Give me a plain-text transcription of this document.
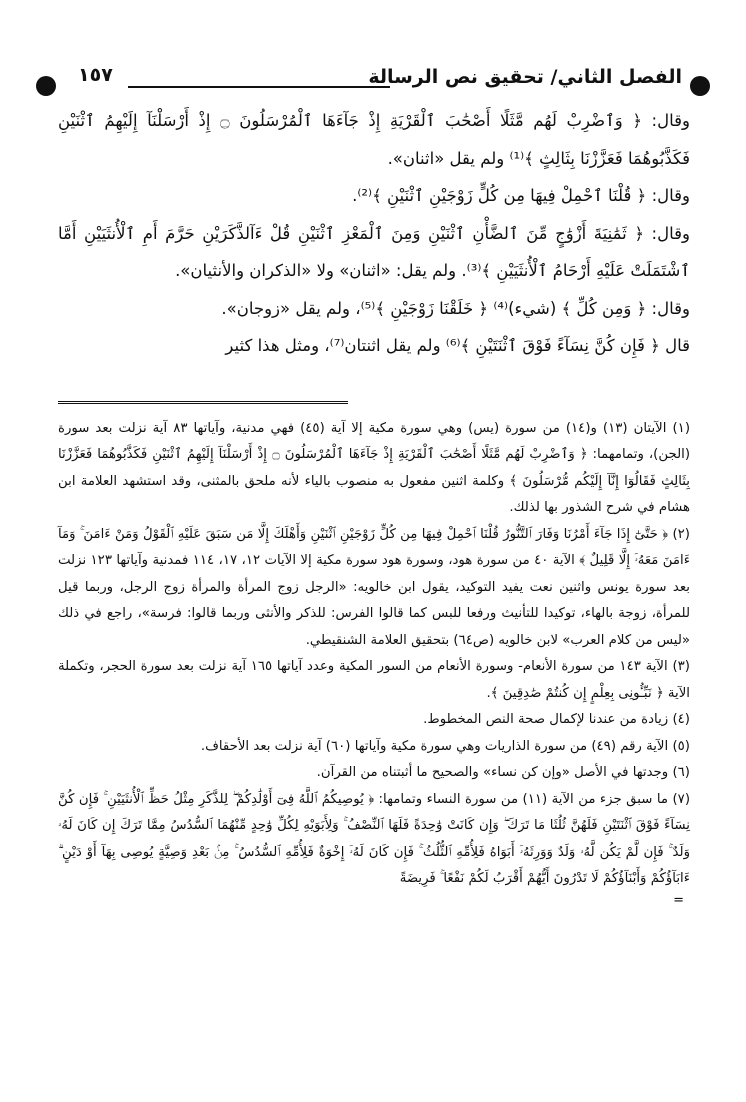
الفصل الثاني/ تحقيق نص الرسالة
١٥٧

وقال: ﴿ وَٱضْرِبْ لَهُم مَّثَلًا أَصْحَٰبَ ٱلْقَرْيَةِ إِذْ جَآءَهَا ٱلْمُرْسَلُونَ ۝ إِذْ أَرْسَلْنَآ إِلَيْهِمُ ٱثْنَيْنِ فَكَذَّبُوهُمَا فَعَزَّزْنَا بِثَالِثٍ ﴾⁽¹⁾ ولم يقل «اثنان».

وقال: ﴿ قُلْنَا ٱحْمِلْ فِيهَا مِن كُلٍّ زَوْجَيْنِ ٱثْنَيْنِ ﴾⁽²⁾.

وقال: ﴿ ثَمَٰنِيَةَ أَزْوَٰجٍ مِّنَ ٱلضَّأْنِ ٱثْنَيْنِ وَمِنَ ٱلْمَعْزِ ٱثْنَيْنِ قُلْ ءَآلذَّكَرَيْنِ حَرَّمَ أَمِ ٱلْأُنثَيَيْنِ أَمَّا ٱشْتَمَلَتْ عَلَيْهِ أَرْحَامُ ٱلْأُنثَيَيْنِ ﴾⁽³⁾. ولم يقل: «اثنان» ولا «الذكران والأنثيان».

وقال: ﴿ وَمِن كُلِّ ﴾ (شيء)⁽⁴⁾ ﴿ خَلَقْنَا زَوْجَيْنِ ﴾⁽⁵⁾، ولم يقل «زوجان».

قال ﴿ فَإِن كُنَّ نِسَآءً فَوْقَ ٱثْنَتَيْنِ ﴾⁽⁶⁾ ولم يقل اثنتان⁽⁷⁾، ومثل هذا كثير

(١) الآيتان (١٣) و(١٤) من سورة (يس) وهي سورة مكية إلا آية (٤٥) فهي مدنية، وآياتها ٨٣ آية نزلت بعد سورة (الجن)، وتمامهما: ﴿ وَٱضْرِبْ لَهُم مَّثَلًا أَصْحَٰبَ ٱلْقَرْيَةِ إِذْ جَآءَهَا ٱلْمُرْسَلُونَ ۝ إِذْ أَرْسَلْنَآ إِلَيْهِمُ ٱثْنَيْنِ فَكَذَّبُوهُمَا فَعَزَّزْنَا بِثَالِثٍ فَقَالُوٓا إِنَّآ إِلَيْكُم مُّرْسَلُونَ ﴾ وكلمة اثنين مفعول به منصوب بالياء لأنه ملحق بالمثنى، وقد استشهد العلامة ابن هشام في شرح الشذور بها لذلك.

(٢) ﴿ حَتَّىٰٓ إِذَا جَآءَ أَمْرُنَا وَفَارَ ٱلتَّنُّورُ قُلْنَا ٱحْمِلْ فِيهَا مِن كُلٍّ زَوْجَيْنِ ٱثْنَيْنِ وَأَهْلَكَ إِلَّا مَن سَبَقَ عَلَيْهِ ٱلْقَوْلُ وَمَنْ ءَامَنَ ۚ وَمَآ ءَامَنَ مَعَهُۥٓ إِلَّا قَلِيلٌ ﴾ الآية ٤٠ من سورة هود، وسورة هود سورة مكية إلا الآيات ١٢، ١٧، ١١٤ فمدنية وآياتها ١٢٣ نزلت بعد سورة يونس واثنين نعت يفيد التوكيد، يقول ابن خالويه: «الرجل زوج المرأة والمرأة زوج الرجل، وربما قيل للمرأة، زوجة بالهاء، توكيدا للتأنيث ورفعا للبس كما قالوا الفرس: للذكر والأنثى وربما قالوا: فرسة»، راجع في ذلك «ليس من كلام العرب» لابن خالويه (ص٦٤) بتحقيق العلامة الشنقيطي.

(٣) الآية ١٤٣ من سورة الأنعام- وسورة الأنعام من السور المكية وعدد آياتها ١٦٥ آية نزلت بعد سورة الحجر، وتكملة الآية ﴿ نَبِّـُٔونِى بِعِلْمٍ إِن كُنتُمْ صَٰدِقِينَ ﴾.

(٤) زيادة من عندنا لإكمال صحة النص المخطوط.

(٥) الآية رقم (٤٩) من سورة الذاريات وهي سورة مكية وآياتها (٦٠) آية نزلت بعد الأحقاف.

(٦) وجدتها في الأصل «وإن كن نساء» والصحيح ما أثبتناه من القرآن.

(٧) ما سبق جزء من الآية (١١) من سورة النساء وتمامها: ﴿ يُوصِيكُمُ ٱللَّهُ فِىٓ أَوْلَٰدِكُمْ ۖ لِلذَّكَرِ مِثْلُ حَظِّ ٱلْأُنثَيَيْنِ ۚ فَإِن كُنَّ نِسَآءً فَوْقَ ٱثْنَتَيْنِ فَلَهُنَّ ثُلُثَا مَا تَرَكَ ۖ وَإِن كَانَتْ وَٰحِدَةً فَلَهَا ٱلنِّصْفُ ۚ وَلِأَبَوَيْهِ لِكُلِّ وَٰحِدٍ مِّنْهُمَا ٱلسُّدُسُ مِمَّا تَرَكَ إِن كَانَ لَهُۥ وَلَدٌ ۚ فَإِن لَّمْ يَكُن لَّهُۥ وَلَدٌ وَوَرِثَهُۥٓ أَبَوَاهُ فَلِأُمِّهِ ٱلثُّلُثُ ۚ فَإِن كَانَ لَهُۥٓ إِخْوَةٌ فَلِأُمِّهِ ٱلسُّدُسُ ۚ مِنۢ بَعْدِ وَصِيَّةٍ يُوصِى بِهَآ أَوْ دَيْنٍ ۗ ءَابَآؤُكُمْ وَأَبْنَآؤُكُمْ لَا تَدْرُونَ أَيُّهُمْ أَقْرَبُ لَكُمْ نَفْعًا ۚ فَرِيضَةً

=
